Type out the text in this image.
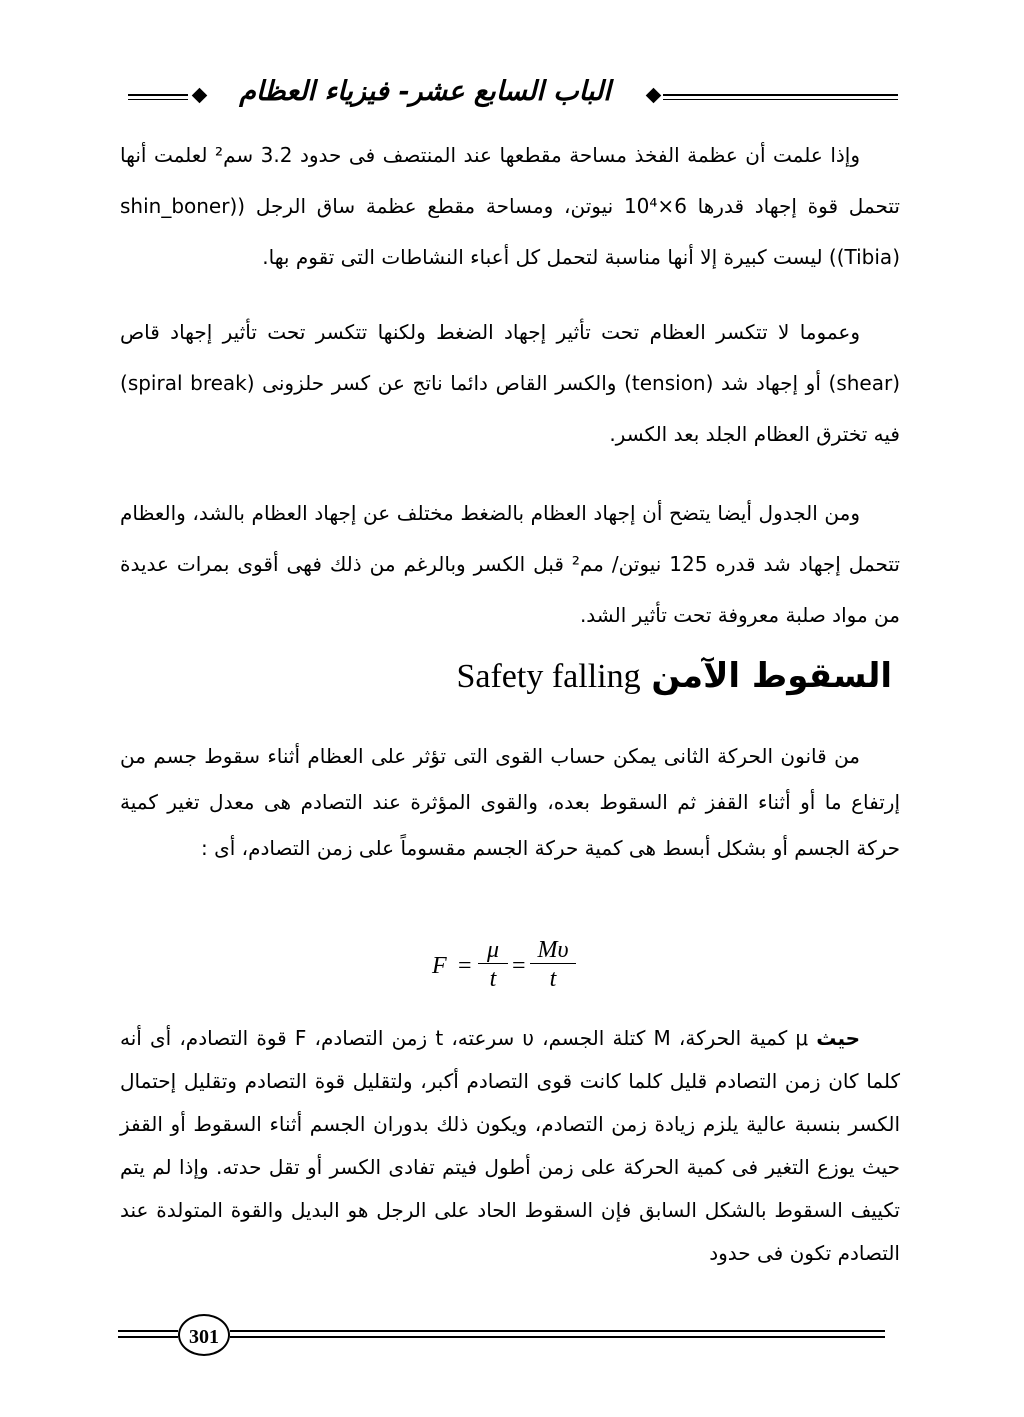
الباب السابع عشر- فيزياء العظام

وإذا علمت أن عظمة الفخذ مساحة مقطعها عند المنتصف فى حدود 3.2 سم² لعلمت أنها تتحمل قوة إجهاد قدرها 6×10⁴ نيوتن، ومساحة مقطع عظمة ساق الرجل ((shin_boner (Tibia)) ليست كبيرة إلا أنها مناسبة لتحمل كل أعباء النشاطات التى تقوم بها.

وعموما لا تتكسر العظام تحت تأثير إجهاد الضغط ولكنها تتكسر تحت تأثير إجهاد قاص (shear) أو إجهاد شد (tension) والكسر القاص دائما ناتج عن كسر حلزونى (spiral break) فيه تخترق العظام الجلد بعد الكسر.

ومن الجدول أيضا يتضح أن إجهاد العظام بالضغط مختلف عن إجهاد العظام بالشد، والعظام تتحمل إجهاد شد قدره 125 نيوتن/ مم² قبل الكسر وبالرغم من ذلك فهى أقوى بمرات عديدة من مواد صلبة معروفة تحت تأثير الشد.

السقوط الآمن Safety falling

من قانون الحركة الثانى يمكن حساب القوى التى تؤثر على العظام أثناء سقوط جسم من إرتفاع ما أو أثناء القفز ثم السقوط بعده، والقوى المؤثرة عند التصادم هى معدل تغير كمية حركة الجسم أو بشكل أبسط هى كمية حركة الجسم مقسوماً على زمن التصادم، أى :

$F = \frac{\mu}{t} = \frac{M\upsilon}{t}$

حيث μ كمية الحركة، M كتلة الجسم، υ سرعته، t زمن التصادم، F قوة التصادم، أى أنه كلما كان زمن التصادم قليل كلما كانت قوى التصادم أكبر، ولتقليل قوة التصادم وتقليل إحتمال الكسر بنسبة عالية يلزم زيادة زمن التصادم، ويكون ذلك بدوران الجسم أثناء السقوط أو القفز حيث يوزع التغير فى كمية الحركة على زمن أطول فيتم تفادى الكسر أو تقل حدته. وإذا لم يتم تكييف السقوط بالشكل السابق فإن السقوط الحاد على الرجل هو البديل والقوة المتولدة عند التصادم تكون فى حدود

301
